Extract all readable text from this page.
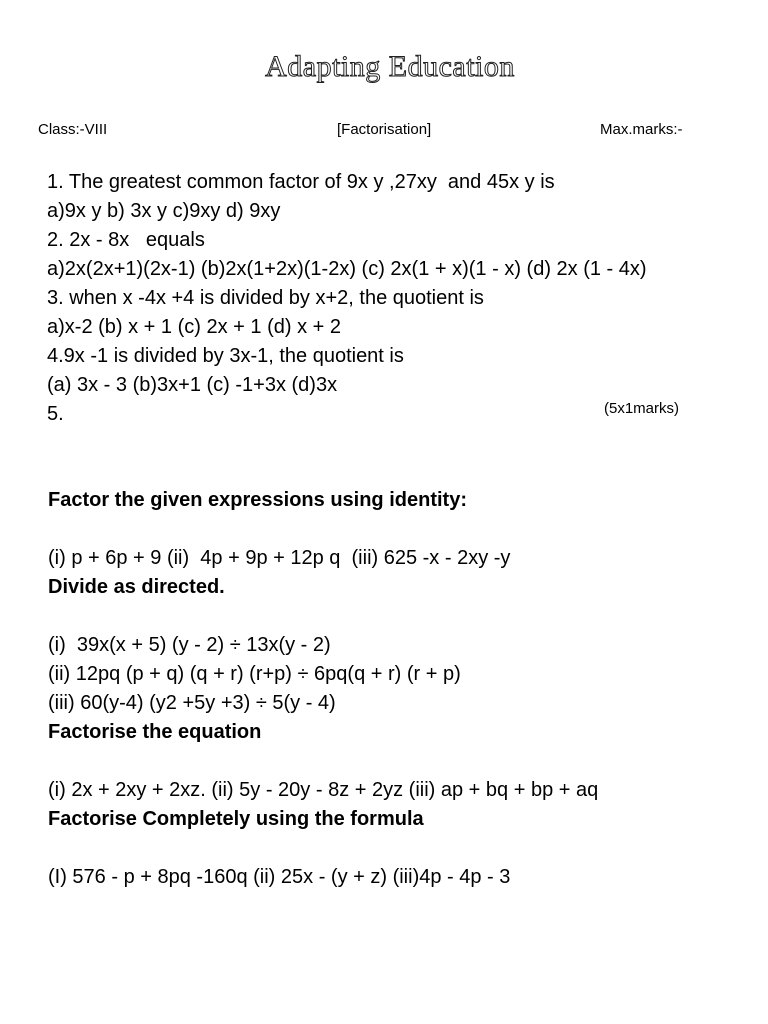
Adapting Education
Class:-VIII	[Factorisation]	Max.marks:-
1. The greatest common factor of 9x y ,27xy  and 45x y is
a)9x y b) 3x y c)9xy d) 9xy
2. 2x - 8x   equals
a)2x(2x+1)(2x-1) (b)2x(1+2x)(1-2x) (c) 2x(1 + x)(1 - x) (d) 2x (1 - 4x)
3. when x -4x +4 is divided by x+2, the quotient is
a)x-2 (b) x + 1 (c) 2x + 1 (d) x + 2
4.9x -1 is divided by 3x-1, the quotient is
(a) 3x - 3 (b)3x+1 (c) -1+3x (d)3x
5.	(5x1marks)
Factor the given expressions using identity:
(i) p + 6p + 9 (ii)  4p + 9p + 12p q  (iii) 625 -x - 2xy -y
Divide as directed.
(i)  39x(x + 5) (y - 2) ÷ 13x(y - 2)
(ii) 12pq (p + q) (q + r) (r+p) ÷ 6pq(q + r) (r + p)
(iii) 60(y-4) (y2 +5y +3) ÷ 5(y - 4)
Factorise the equation
(i) 2x + 2xy + 2xz. (ii) 5y - 20y - 8z + 2yz (iii) ap + bq + bp + aq
Factorise Completely using the formula
(I) 576 - p + 8pq -160q (ii) 25x - (y + z) (iii)4p - 4p - 3
